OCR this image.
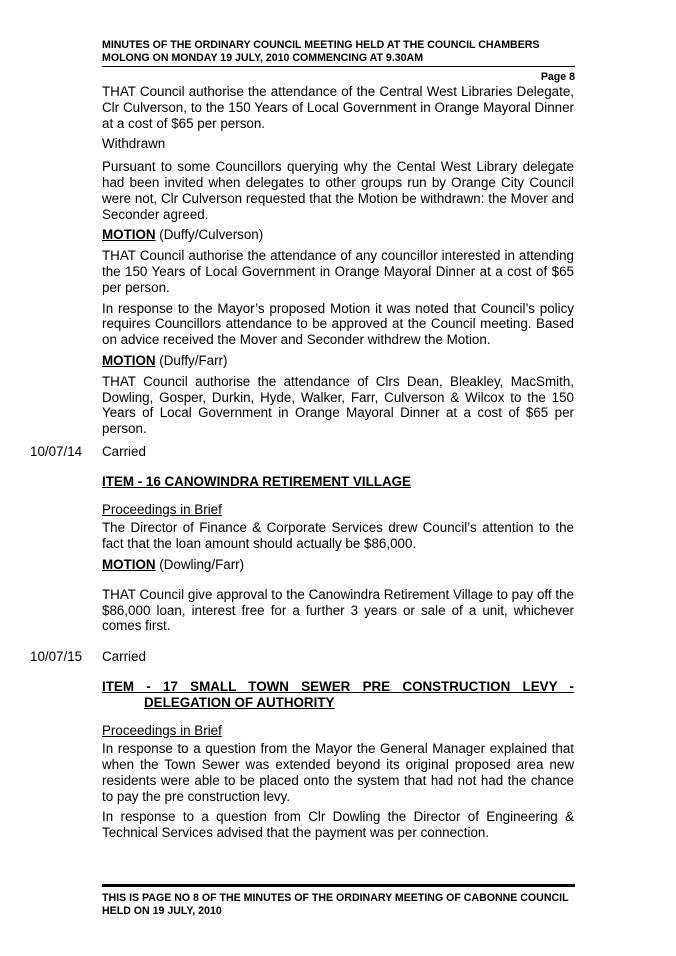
MINUTES OF THE ORDINARY COUNCIL MEETING HELD AT THE COUNCIL CHAMBERS
MOLONG ON MONDAY 19 JULY, 2010 COMMENCING AT 9.30AM
Page 8
THAT Council authorise the attendance of the Central West Libraries Delegate, Clr Culverson, to the 150 Years of Local Government in Orange Mayoral Dinner at a cost of $65 per person.
Withdrawn
Pursuant to some Councillors querying why the Cental West Library delegate had been invited when delegates to other groups run by Orange City Council were not, Clr Culverson requested that the Motion be withdrawn: the Mover and Seconder agreed.
MOTION (Duffy/Culverson)
THAT Council authorise the attendance of any councillor interested in attending the 150 Years of Local Government in Orange Mayoral Dinner at a cost of $65 per person.
In response to the Mayor’s proposed Motion it was noted that Council’s policy requires Councillors attendance to be approved at the Council meeting. Based on advice received the Mover and Seconder withdrew the Motion.
MOTION (Duffy/Farr)
THAT Council authorise the attendance of Clrs Dean, Bleakley, MacSmith, Dowling, Gosper, Durkin, Hyde, Walker, Farr, Culverson & Wilcox to the 150 Years of Local Government in Orange Mayoral Dinner at a cost of $65 per person.
10/07/14	Carried
ITEM - 16 CANOWINDRA RETIREMENT VILLAGE
Proceedings in Brief
The Director of Finance & Corporate Services drew Council’s attention to the fact that the loan amount should actually be $86,000.
MOTION (Dowling/Farr)
THAT Council give approval to the Canowindra Retirement Village to pay off the $86,000 loan, interest free for a further 3 years or sale of a unit, whichever comes first.
10/07/15	Carried
ITEM - 17 SMALL TOWN SEWER PRE CONSTRUCTION LEVY -
DELEGATION OF AUTHORITY
Proceedings in Brief
In response to a question from the Mayor the General Manager explained that when the Town Sewer was extended beyond its original proposed area new residents were able to be placed onto the system that had not had the chance to pay the pre construction levy.
In response to a question from Clr Dowling the Director of Engineering & Technical Services advised that the payment was per connection.
THIS IS PAGE NO 8 OF THE MINUTES OF THE ORDINARY MEETING OF CABONNE COUNCIL HELD ON 19 JULY, 2010
